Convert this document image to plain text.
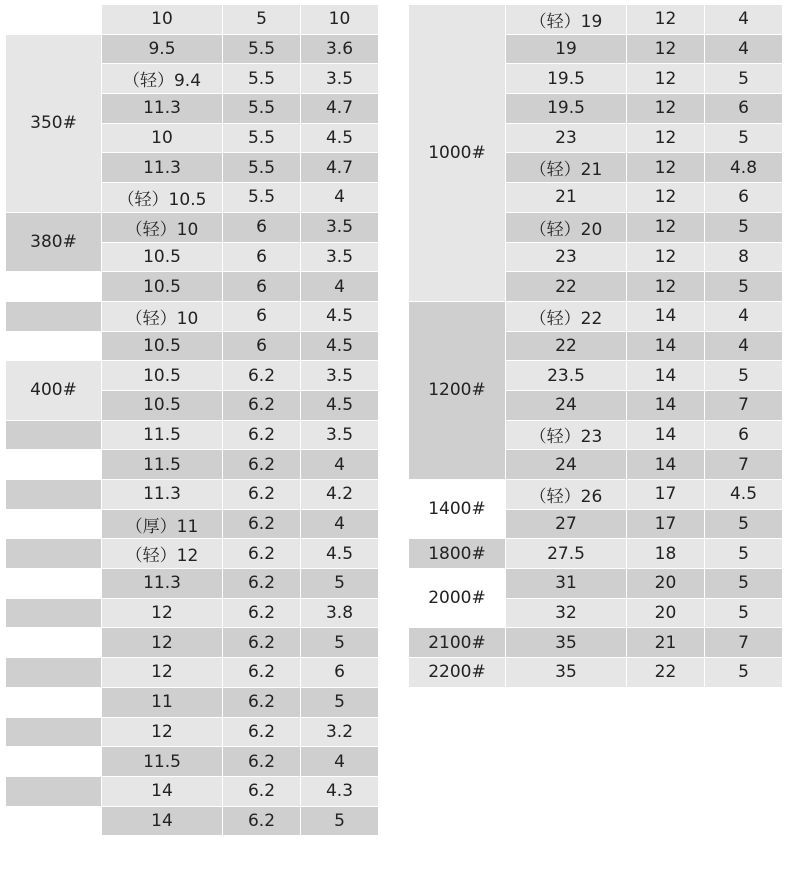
	10	5	10
350#	9.5	5.5	3.6
	（轻）9.4	5.5	3.5
	11.3	5.5	4.7
	10	5.5	4.5
	11.3	5.5	4.7
	（轻）10.5	5.5	4
380#	（轻）10	6	3.5
	10.5	6	3.5
	10.5	6	4
	（轻）10	6	4.5
	10.5	6	4.5
400#	10.5	6.2	3.5
	10.5	6.2	4.5
	11.5	6.2	3.5
	11.5	6.2	4
	11.3	6.2	4.2
	（厚）11	6.2	4
	（轻）12	6.2	4.5
	11.3	6.2	5
	12	6.2	3.8
	12	6.2	5
	12	6.2	6
	11	6.2	5
	12	6.2	3.2
	11.5	6.2	4
	14	6.2	4.3
	14	6.2	5
1000#	（轻）19	12	4
	19	12	4
	19.5	12	5
	19.5	12	6
	23	12	5
	（轻）21	12	4.8
	21	12	6
	（轻）20	12	5
	23	12	8
	22	12	5
1200#	（轻）22	14	4
	22	14	4
	23.5	14	5
	24	14	7
	（轻）23	14	6
	24	14	7
1400#	（轻）26	17	4.5
	27	17	5
1800#	27.5	18	5
2000#	31	20	5
	32	20	5
2100#	35	21	7
2200#	35	22	5
